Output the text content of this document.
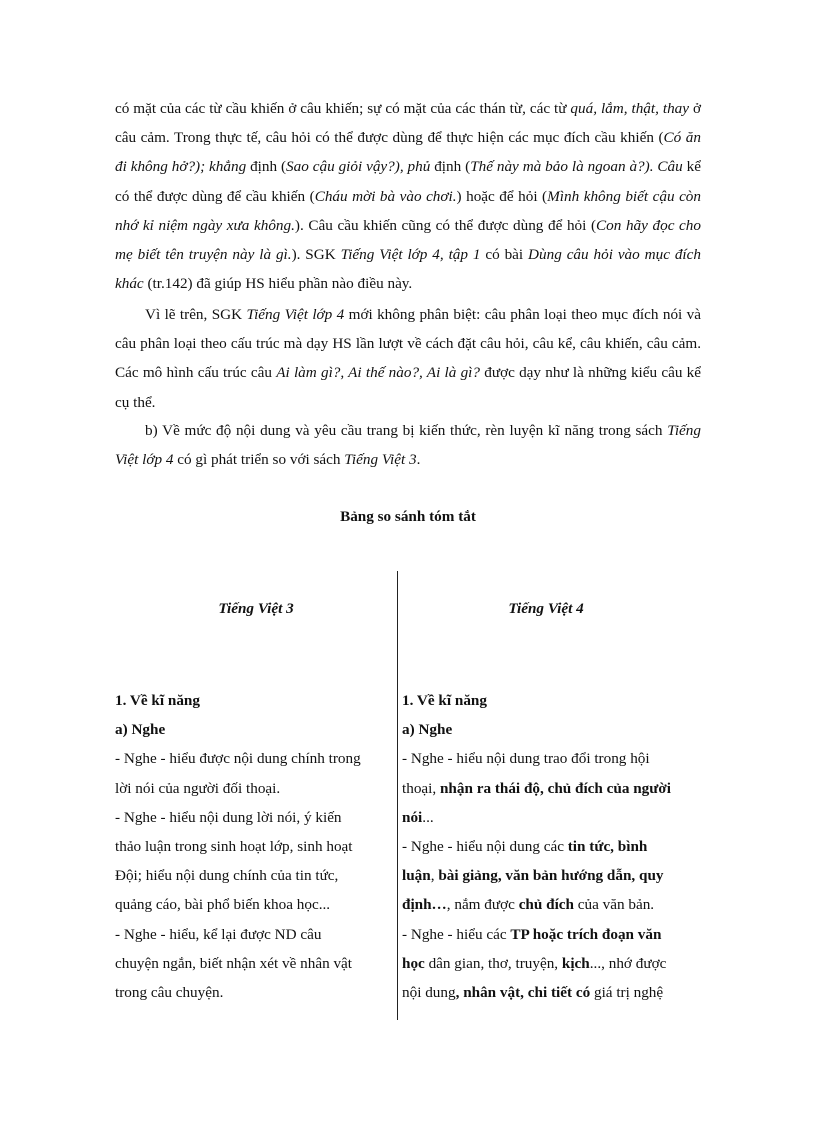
có mặt của các từ cầu khiến ở câu khiến; sự có mặt của các thán từ, các từ quá, lắm, thật, thay ở câu cảm. Trong thực tế, câu hỏi có thể được dùng để thực hiện các mục đích cầu khiến (Có ăn đi không hở?); khẳng định (Sao cậu giỏi vậy?), phủ định (Thế này mà bảo là ngoan à?). Câu kể có thể được dùng để cầu khiến (Cháu mời bà vào chơi.) hoặc để hỏi (Mình không biết cậu còn nhớ kỉ niệm ngày xưa không.). Câu cầu khiến cũng có thể được dùng để hỏi (Con hãy đọc cho mẹ biết tên truyện này là gì.). SGK Tiếng Việt lớp 4, tập 1 có bài Dùng câu hỏi vào mục đích khác (tr.142) đã giúp HS hiểu phần nào điều này.

Vì lẽ trên, SGK Tiếng Việt lớp 4 mới không phân biệt: câu phân loại theo mục đích nói và câu phân loại theo cấu trúc mà dạy HS lần lượt về cách đặt câu hỏi, câu kể, câu khiến, câu cảm. Các mô hình cấu trúc câu Ai làm gì?, Ai thế nào?, Ai là gì? được dạy như là những kiểu câu kể cụ thể.

b) Về mức độ nội dung và yêu cầu trang bị kiến thức, rèn luyện kĩ năng trong sách Tiếng Việt lớp 4 có gì phát triển so với sách Tiếng Việt 3.

Bảng so sánh tóm tắt

Tiếng Việt 3	Tiếng Việt 4

1. Về kĩ năng
a) Nghe
- Nghe - hiểu được nội dung chính trong
lời nói của người đối thoại.
- Nghe - hiểu nội dung lời nói, ý kiến
thảo luận trong sinh hoạt lớp, sinh hoạt
Đội; hiểu nội dung chính của tin tức,
quảng cáo, bài phổ biến khoa học...
- Nghe - hiểu, kể lại được ND câu
chuyện ngắn, biết nhận xét về nhân vật
trong câu chuyện.
1. Về kĩ năng
a) Nghe
- Nghe - hiểu nội dung trao đổi trong hội
thoại, nhận ra thái độ, chủ đích của người
nói...
- Nghe - hiểu nội dung các tin tức, bình
luận, bài giảng, văn bản hướng dẫn, quy
định…, nắm được chủ đích của văn bản.
- Nghe - hiểu các TP hoặc trích đoạn văn
học dân gian, thơ, truyện, kịch..., nhớ được
nội dung, nhân vật, chi tiết có giá trị nghệ
